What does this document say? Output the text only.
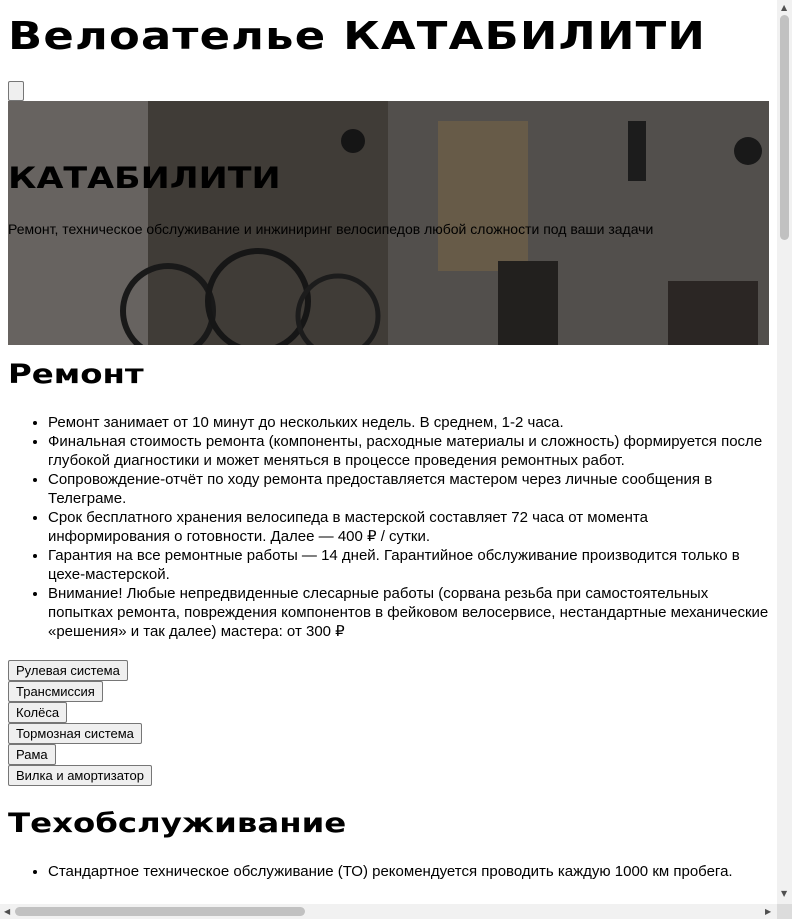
Велоателье КАТАБИЛИТИ
КАТАБИЛИТИ

Ремонт, техническое обслуживание и инжиниринг велосипедов любой сложности под ваши задачи

Ремонт
• Ремонт занимает от 10 минут до нескольких недель. В среднем, 1-2 часа.
• Финальная стоимость ремонта (компоненты, расходные материалы и сложность) формируется после глубокой диагностики и может меняться в процессе проведения ремонтных работ.
• Сопровождение-отчёт по ходу ремонта предоставляется мастером через личные сообщения в Телеграме.
• Срок бесплатного хранения велосипеда в мастерской составляет 72 часа от момента информирования о готовности. Далее — 400 ₽ / сутки.
• Гарантия на все ремонтные работы — 14 дней. Гарантийное обслуживание производится только в цехе-мастерской.
• Внимание! Любые непредвиденные слесарные работы (сорвана резьба при самостоятельных попытках ремонта, повреждения компонентов в фейковом велосервисе, нестандартные механические «решения» и так далее) мастера: от 300 ₽
Рулевая система
Трансмиссия
Колёса
Тормозная система
Рама
Вилка и амортизатор
Техобслуживание
• Стандартное техническое обслуживание (ТО) рекомендуется проводить каждую 1000 км пробега.
▲
▼
◀	▶
